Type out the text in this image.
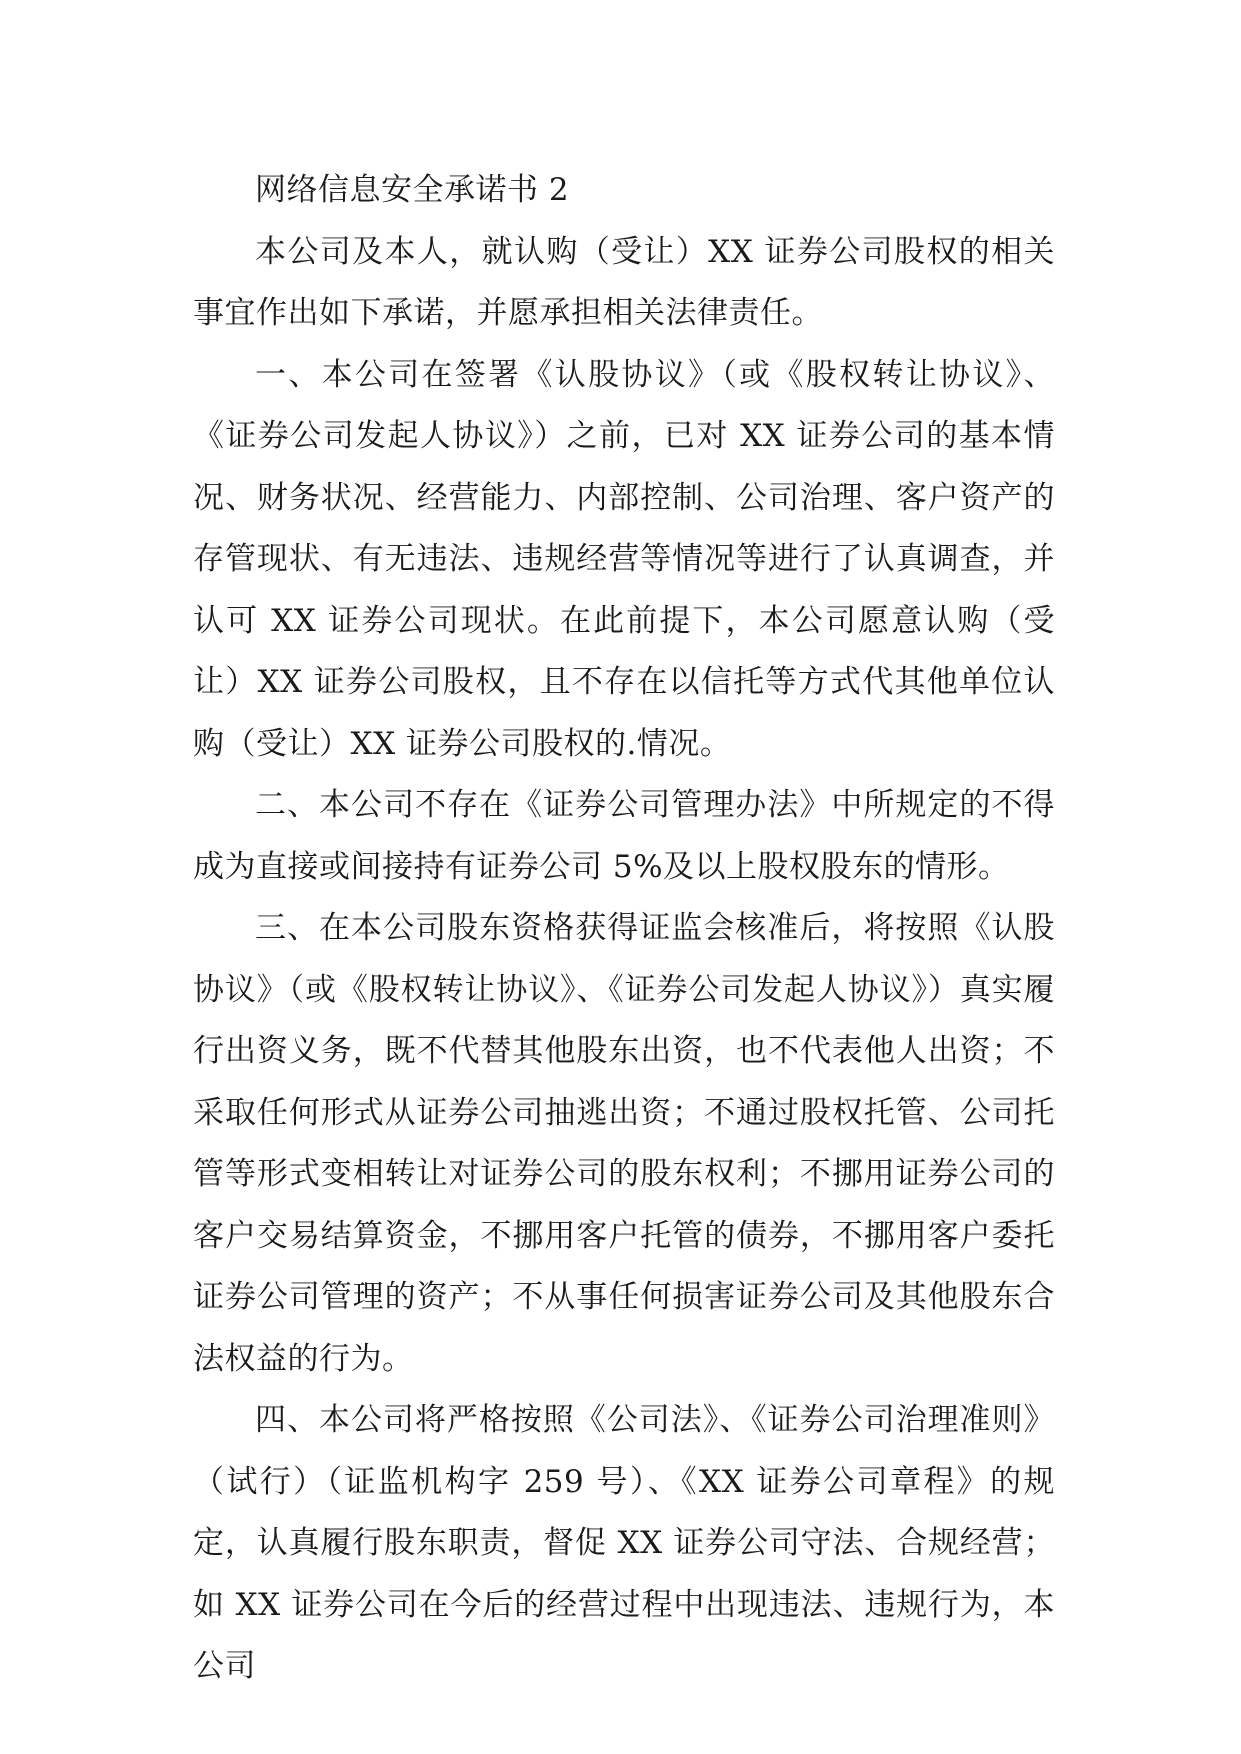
网络信息安全承诺书 2

本公司及本人，就认购（受让）XX 证券公司股权的相关事宜作出如下承诺，并愿承担相关法律责任。

一、本公司在签署《认股协议》（或《股权转让协议》、《证券公司发起人协议》）之前，已对 XX 证券公司的基本情况、财务状况、经营能力、内部控制、公司治理、客户资产的存管现状、有无违法、违规经营等情况等进行了认真调查，并认可 XX 证券公司现状。在此前提下，本公司愿意认购（受让）XX 证券公司股权，且不存在以信托等方式代其他单位认购（受让）XX 证券公司股权的.情况。

二、本公司不存在《证券公司管理办法》中所规定的不得成为直接或间接持有证券公司 5%及以上股权股东的情形。

三、在本公司股东资格获得证监会核准后，将按照《认股协议》（或《股权转让协议》、《证券公司发起人协议》）真实履行出资义务，既不代替其他股东出资，也不代表他人出资；不采取任何形式从证券公司抽逃出资；不通过股权托管、公司托管等形式变相转让对证券公司的股东权利；不挪用证券公司的客户交易结算资金，不挪用客户托管的债券，不挪用客户委托证券公司管理的资产；不从事任何损害证券公司及其他股东合法权益的行为。

四、本公司将严格按照《公司法》、《证券公司治理准则》（试行）（证监机构字 259 号）、《XX 证券公司章程》的规定，认真履行股东职责，督促 XX 证券公司守法、合规经营；如 XX 证券公司在今后的经营过程中出现违法、违规行为，本公司
